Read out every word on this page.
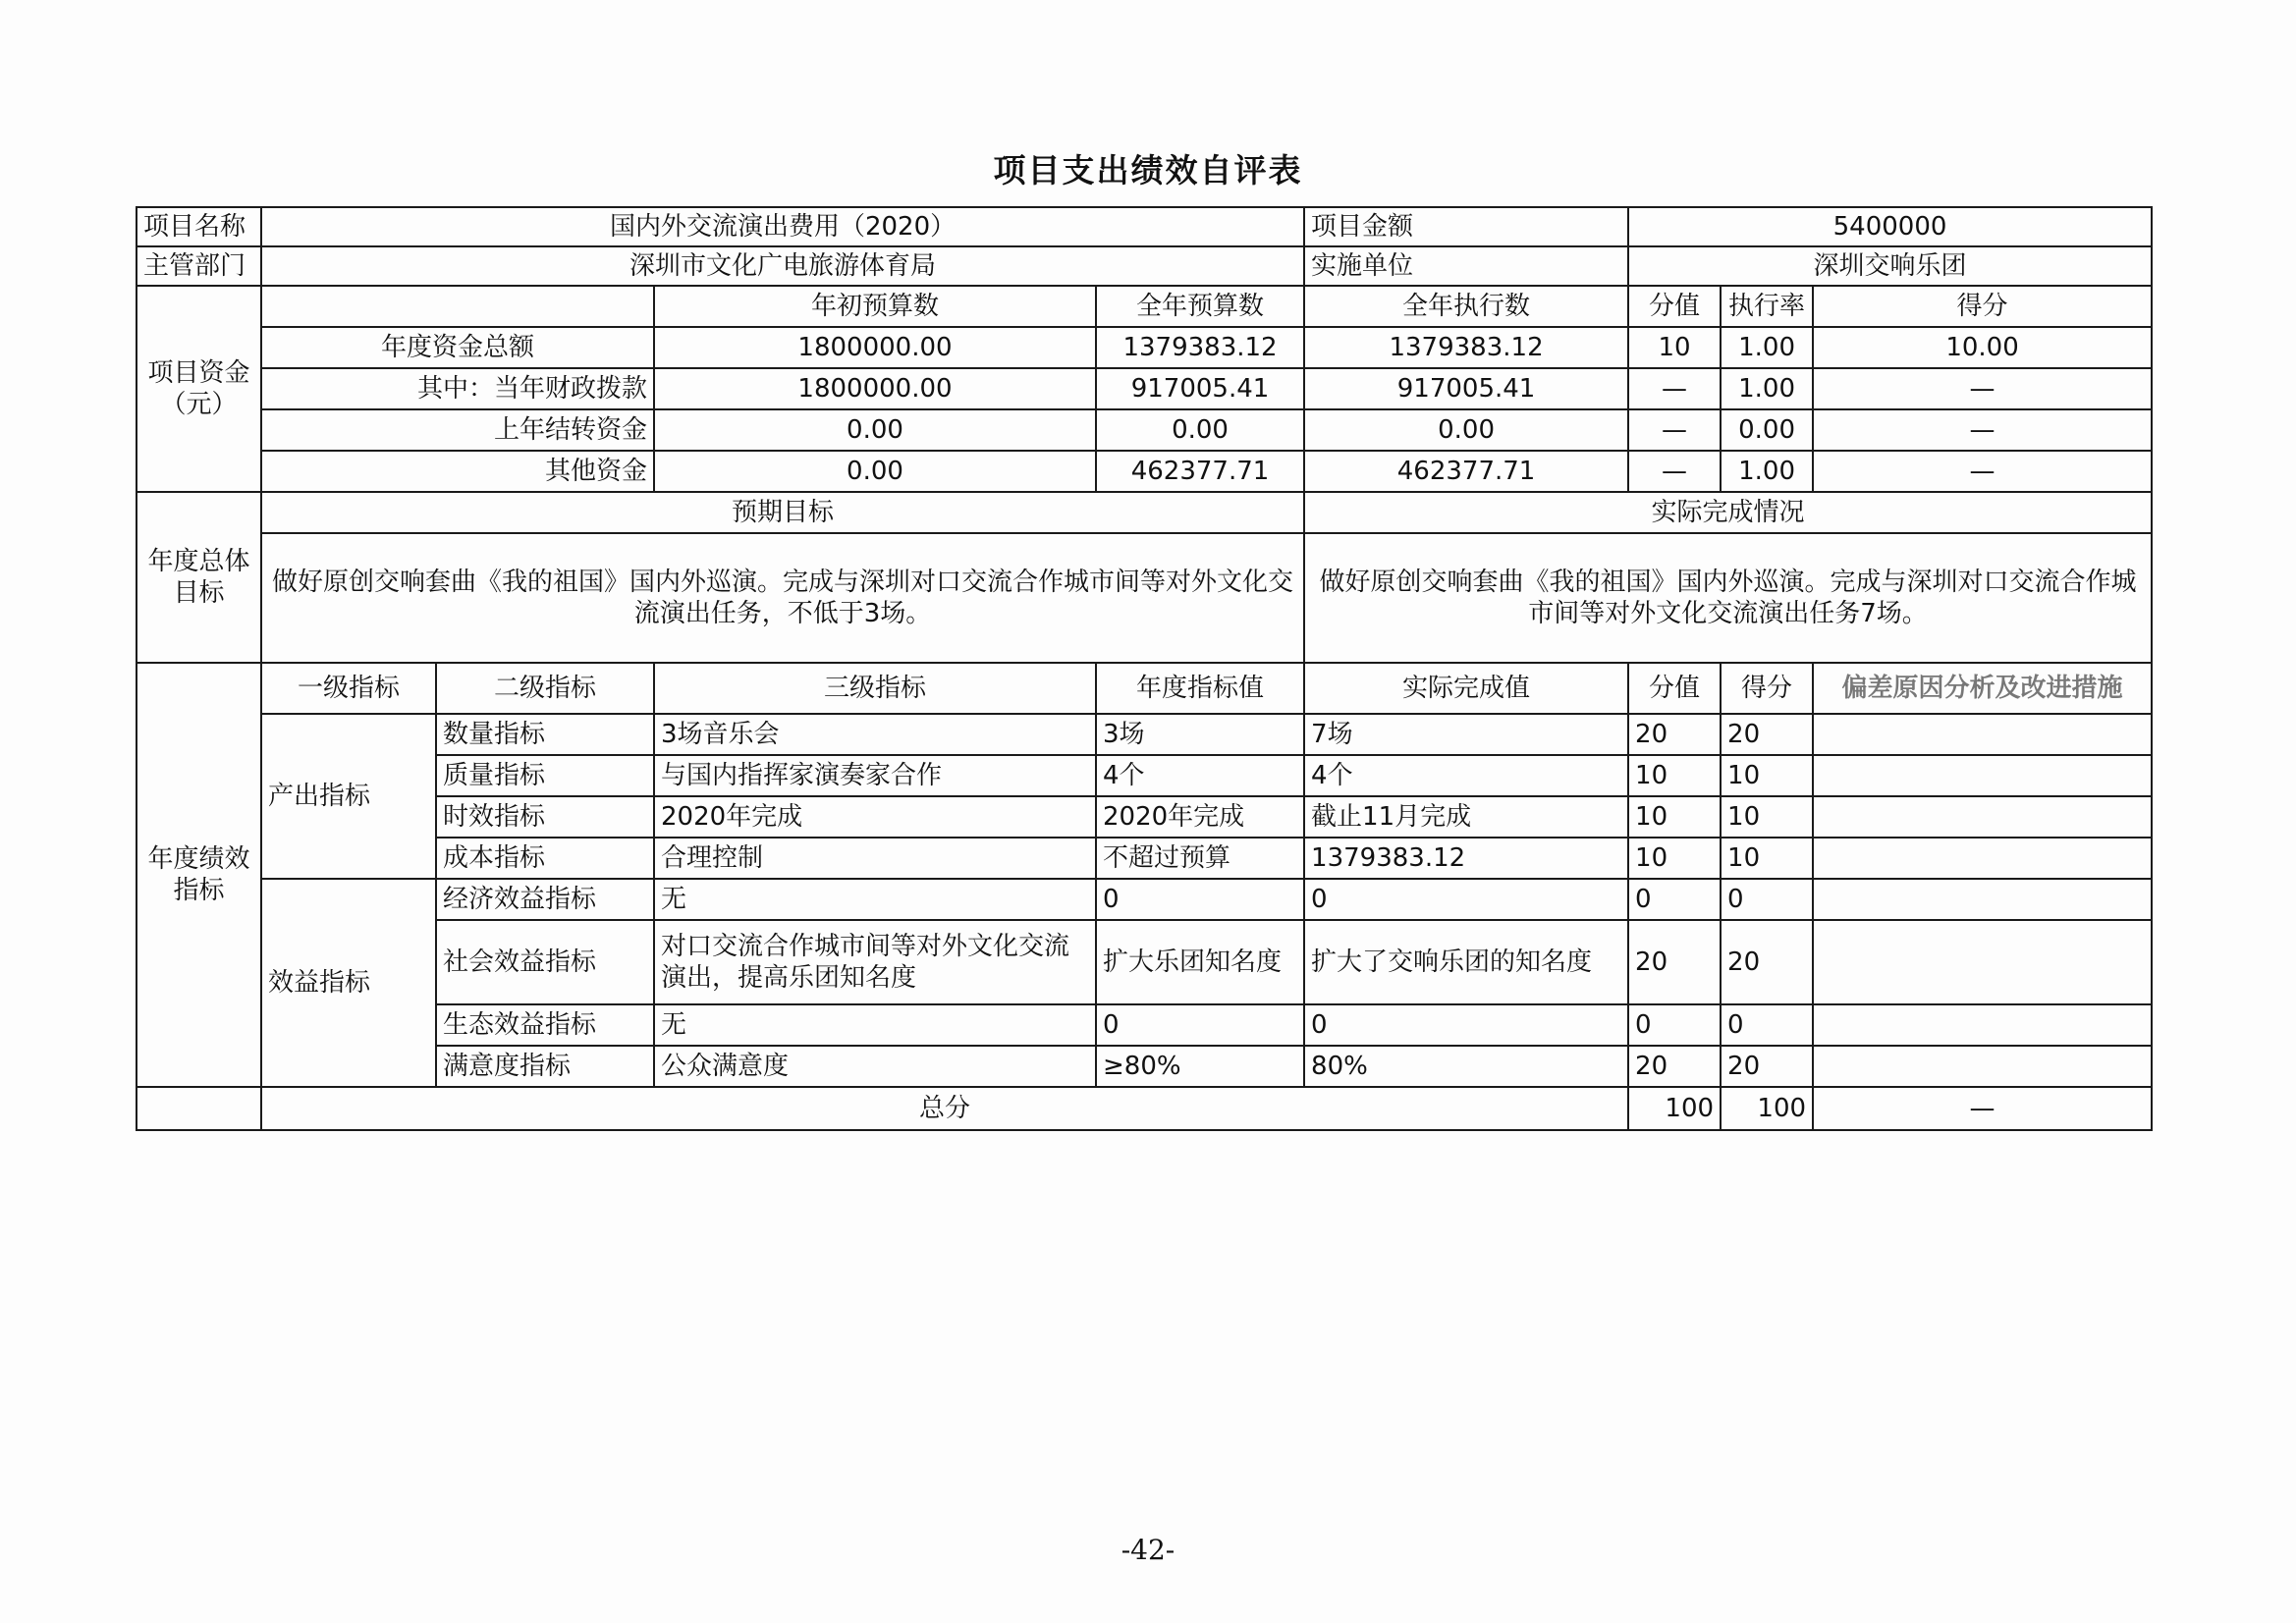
项目支出绩效自评表
项目名称	国内外交流演出费用（2020）				项目金额	5400000		
主管部门	深圳市文化广电旅游体育局				实施单位	深圳交响乐团		
项目资金（元）			年初预算数	全年预算数	全年执行数	分值	执行率	得分
	年度资金总额		1800000.00	1379383.12	1379383.12	10	1.00	10.00
	其中：当年财政拨款		1800000.00	917005.41	917005.41	—	1.00	—
	上年结转资金		0.00	0.00	0.00	—	0.00	—
	其他资金		0.00	462377.71	462377.71	—	1.00	—
年度总体目标	预期目标				实际完成情况			
	做好原创交响套曲《我的祖国》国内外巡演。完成与深圳对口交流合作城市间等对外文化交流演出任务，不低于3场。				做好原创交响套曲《我的祖国》国内外巡演。完成与深圳对口交流合作城市间等对外文化交流演出任务7场。			
年度绩效指标	一级指标	二级指标	三级指标	年度指标值	实际完成值	分值	得分	偏差原因分析及改进措施
	产出指标	数量指标	3场音乐会	3场	7场	20	20	
		质量指标	与国内指挥家演奏家合作	4个	4个	10	10	
		时效指标	2020年完成	2020年完成	截止11月完成	10	10	
		成本指标	合理控制	不超过预算	1379383.12	10	10	
	效益指标	经济效益指标	无	0	0	0	0	
		社会效益指标	对口交流合作城市间等对外文化交流演出，提高乐团知名度	扩大乐团知名度	扩大了交响乐团的知名度	20	20	
		生态效益指标	无	0	0	0	0	
		满意度指标	公众满意度	≥80%	80%	20	20	
	总分					100	100	—
-42-
